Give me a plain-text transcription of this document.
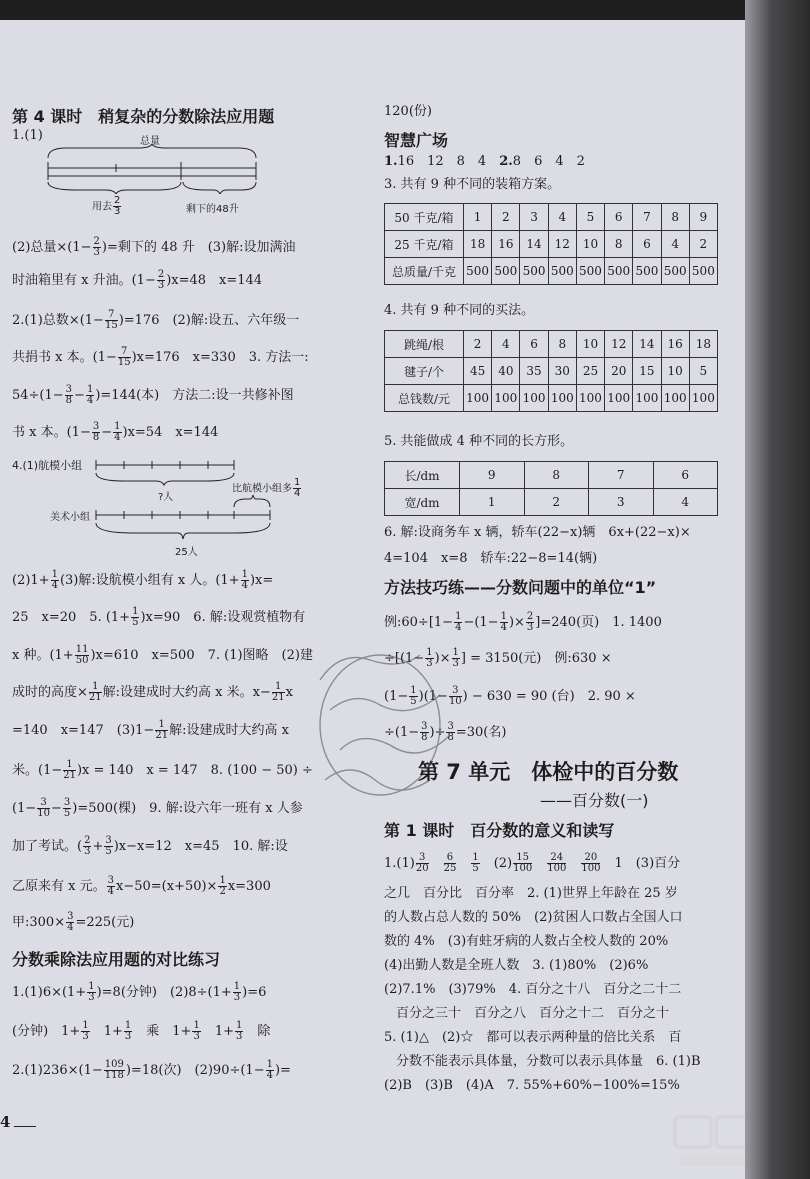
第 4 课时　稍复杂的分数除法应用题
1.(1)	总量
用去 $\frac{2}{3}$	剩下的48升
(2)总量$\times(1- \frac{2}{3}$ )=剩下的 48 升　(3)解:设加满油
时油箱里有 x 升油。$(1- \frac{2}{3} )x=48$　x=144
2.(1)总数$\times(1- \frac{7}{15} )=176$　(2)解:设五、六年级一
共捐书 x 本。$(1- \frac{7}{15} )x=176$　x=330　3. 方法一:
$54\div(1- \frac{3}{8} - \frac{1}{4} )=144$(本)　方法二:设一共修补图
书 x 本。$(1- \frac{3}{8} - \frac{1}{4} )x=54$　x=144
4.(1)航模小组
?人
比航模小组多 $\frac{1}{4}$
美术小组
25人
$(2)1+ \frac{1}{4} (3)$解:设航模小组有 x 人。$(1+ \frac{1}{4} )x=$
25　x=20　5. $(1+ \frac{1}{5} )x=90$　6. 解:设观赏植物有
x 种。$(1+ \frac{11}{50} )x=610$　x=500　7. (1)图略　(2)建
成时的高度× $\frac{1}{21}$ 解:设建成时大约高 x 米。$x- \frac{1}{21}$ x
=140　x=147　$(3)1- \frac{1}{21}$ 解:设建成时大约高 x
米。$(1- \frac{1}{21} )x = 140$　x = 147　8. (100 − 50) ÷
$(1- \frac{3}{10} - \frac{3}{5} )=500$(棵)　9. 解:设六年一班有 x 人参
加了考试。( $\frac{2}{3} + \frac{3}{5} )x-x=12$　x=45　10. 解:设
乙原来有 x 元。 $\frac{3}{4} x-50=(x+50)\times \frac{1}{2} x=300$
甲:300× $\frac{3}{4} =225$(元)
分数乘除法应用题的对比练习
$1.(1)6\times(1+ \frac{1}{3} )=8$(分钟)　$(2)8\div(1+ \frac{1}{3} )=6$
(分钟)　$1+ \frac{1}{3}$
　 $1+ \frac{1}{3}$
　 乘　$1+ \frac{1}{3}$
　 $1+ \frac{1}{3}$
　 除
$2.(1)236\times(1- \frac{109}{118} )=18$(次)　$(2)90\div(1- \frac{1}{4}$ )=
4
120(份)
智慧广场
1.16　12　8　4　2.8　6　4　2
3. 共有 9 种不同的装箱方案。
50 千克/箱	1	2	3	4	5	6	7	8	9
25 千克/箱	18	16	14	12	10	8	6	4	2
总质量/千克	500	500	500	500	500	500	500	500	500
4. 共有 9 种不同的买法。
跳绳/根	2	4	6	8	10	12	14	16	18
毽子/个	45	40	35	30	25	20	15	10	5
总钱数/元	100	100	100	100	100	100	100	100	100
5. 共能做成 4 种不同的长方形。
长/dm	9	8	7	6
宽/dm	1	2	3	4
6. 解:设商务车 x 辆，轿车(22−x)辆　6x+(22−x)×
4=104　x=8　轿车:22−8=14(辆)
方法技巧练——分数问题中的单位“1”
例:60÷[1− $\frac{1}{4} -(1- \frac{1}{4}$ )× $\frac{2}{3} ]=240$(页)　1. 1400
$\div[(1- \frac{1}{3}$ )× $\frac{1}{3}$ ] = 3150(元)　例:630 ×
$(1- \frac{1}{5} )(1- \frac{3}{10}$ ) − 630 = 90 (台)　2. 90 ×
$\div(1- \frac{3}{8}$ )÷ $\frac{3}{8} =30$(名)
第 7 单元　体检中的百分数
——百分数(一)
第 1 课时　百分数的意义和读写
$1.(1) \frac{3}{20}$
　 $\frac{6}{25}$
　 $\frac{1}{5}$
　 $(2) \frac{15}{100}$
　 $\frac{24}{100}$
　 $\frac{20}{100}$
　 1　(3)百分
之几　百分比　百分率　2. (1)世界上年龄在 25 岁
的人数占总人数的 50%　(2)贫困人口数占全国人口
数的 4%　(3)有蛀牙病的人数占全校人数的 20%
(4)出勤人数是全班人数　3. (1)80%　(2)6%
(2)7.1%　(3)79%　4. 百分之十八　百分之二十二
百分之三十　百分之八　百分之十二　百分之十
5. (1)△　(2)☆　都可以表示两种量的倍比关系　百
分数不能表示具体量，分数可以表示具体量　6. (1)B
(2)B　(3)B　(4)A　7. 55%+60%−100%=15%
